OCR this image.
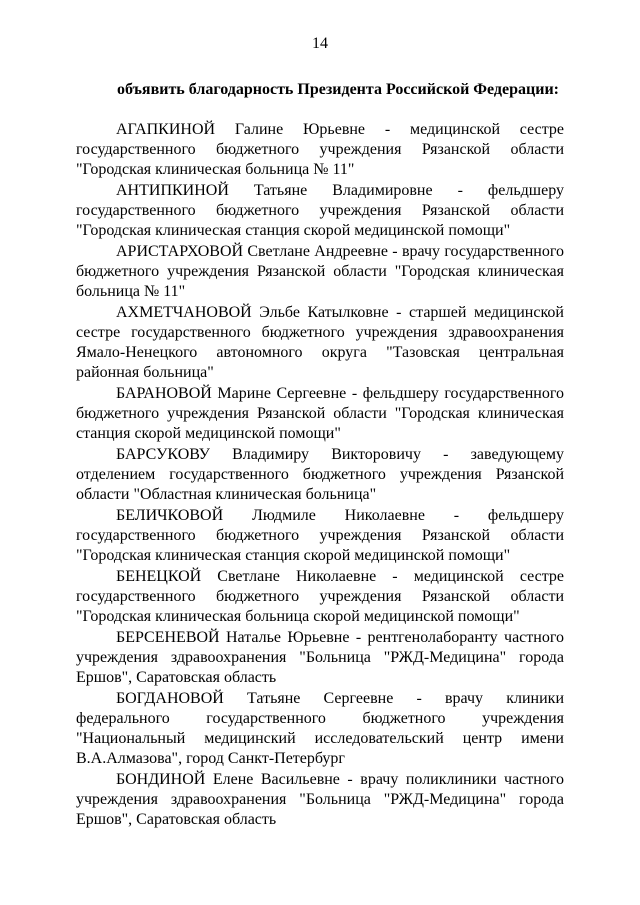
14
объявить благодарность Президента Российской Федерации:

АГАПКИНОЙ Галине Юрьевне - медицинской сестре государственного бюджетного учреждения Рязанской области "Городская клиническая больница № 11"

АНТИПКИНОЙ Татьяне Владимировне - фельдшеру государственного бюджетного учреждения Рязанской области "Городская клиническая станция скорой медицинской помощи"

АРИСТАРХОВОЙ Светлане Андреевне - врачу государственного бюджетного учреждения Рязанской области "Городская клиническая больница № 11"

АХМЕТЧАНОВОЙ Эльбе Катылковне - старшей медицинской сестре государственного бюджетного учреждения здравоохранения Ямало-Ненецкого автономного округа "Тазовская центральная районная больница"

БАРАНОВОЙ Марине Сергеевне - фельдшеру государственного бюджетного учреждения Рязанской области "Городская клиническая станция скорой медицинской помощи"

БАРСУКОВУ Владимиру Викторовичу - заведующему отделением государственного бюджетного учреждения Рязанской области "Областная клиническая больница"

БЕЛИЧКОВОЙ Людмиле Николаевне - фельдшеру государственного бюджетного учреждения Рязанской области "Городская клиническая станция скорой медицинской помощи"

БЕНЕЦКОЙ Светлане Николаевне - медицинской сестре государственного бюджетного учреждения Рязанской области "Городская клиническая больница скорой медицинской помощи"

БЕРСЕНЕВОЙ Наталье Юрьевне - рентгенолаборанту частного учреждения здравоохранения "Больница "РЖД-Медицина" города Ершов", Саратовская область

БОГДАНОВОЙ Татьяне Сергеевне - врачу клиники федерального государственного бюджетного учреждения "Национальный медицинский исследовательский центр имени В.А.Алмазова", город Санкт-Петербург

БОНДИНОЙ Елене Васильевне - врачу поликлиники частного учреждения здравоохранения "Больница "РЖД-Медицина" города Ершов", Саратовская область
